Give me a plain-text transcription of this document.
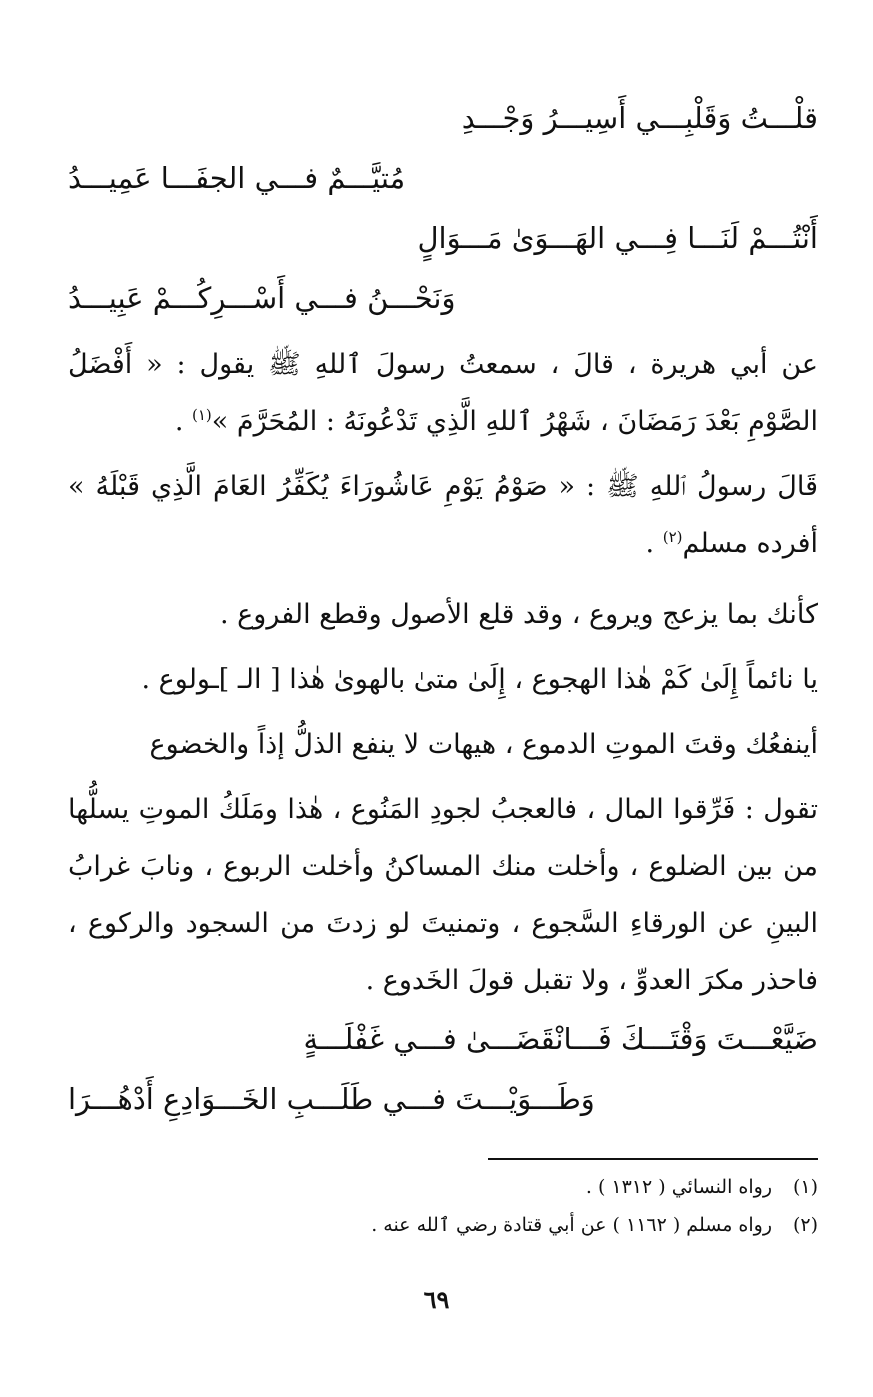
قلْـــتُ وَقَلْبِـــي أَسِيـــرُ وَجْـــدِ
مُتيَّـــمٌ فـــي الجفَـــا عَمِيـــدُ
أَنْتُـــمْ لَنَـــا فِـــي الهَـــوَىٰ مَـــوَالٍ
وَنَحْـــنُ فـــي أَسْـــرِكُـــمْ عَبِيـــدُ

عن أبي هريرة ، قالَ ، سمعتُ رسولَ ٱللهِ ﷺ يقول : « أَفْضَلُ الصَّوْمِ بَعْدَ رَمَضَانَ ، شَهْرُ ٱللهِ الَّذِي تَدْعُونَهُ : المُحَرَّمَ »$^{(١)}$ .

قَالَ رسولُ ٱللهِ ﷺ : « صَوْمُ يَوْمِ عَاشُورَاءَ يُكَفِّرُ العَامَ الَّذِي قَبْلَهُ » أفرده مسلم$^{(٢)}$ .

كأنك بما يزعج ويروع ، وقد قلع الأصول وقطع الفروع .

يا نائماً إِلَىٰ كَمْ هٰذا الهجوع ، إِلَىٰ متىٰ بالهوىٰ هٰذا [ الـ ]ـولوع .

أينفعُك وقتَ الموتِ الدموع ، هيهات لا ينفع الذلُّ إذاً والخضوع

تقول : فَرِّقوا المال ، فالعجبُ لجودِ المَنُوع ، هٰذا ومَلَكُ الموتِ يسلُّها من بين الضلوع ، وأخلت منك المساكنُ وأخلت الربوع ، ونابَ غرابُ البينِ عن الورقاءِ السَّجوع ، وتمنيتَ لو زدتَ من السجود والركوع ، فاحذر مكرَ العدوِّ ، ولا تقبل قولَ الخَدوع .

ضَيَّعْـــتَ وَقْتَـــكَ فَـــانْقَضَـــىٰ فـــي غَفْلَـــةٍ
وَطَـــوَيْـــتَ فـــي طَلَـــبِ الخَـــوَادِعِ أَدْهُـــرَا
(١)رواه النسائي ( ١٣١٢ ) .
(٢)رواه مسلم ( ١١٦٢ ) عن أبي قتادة رضي ٱلله عنه .
٦٩
